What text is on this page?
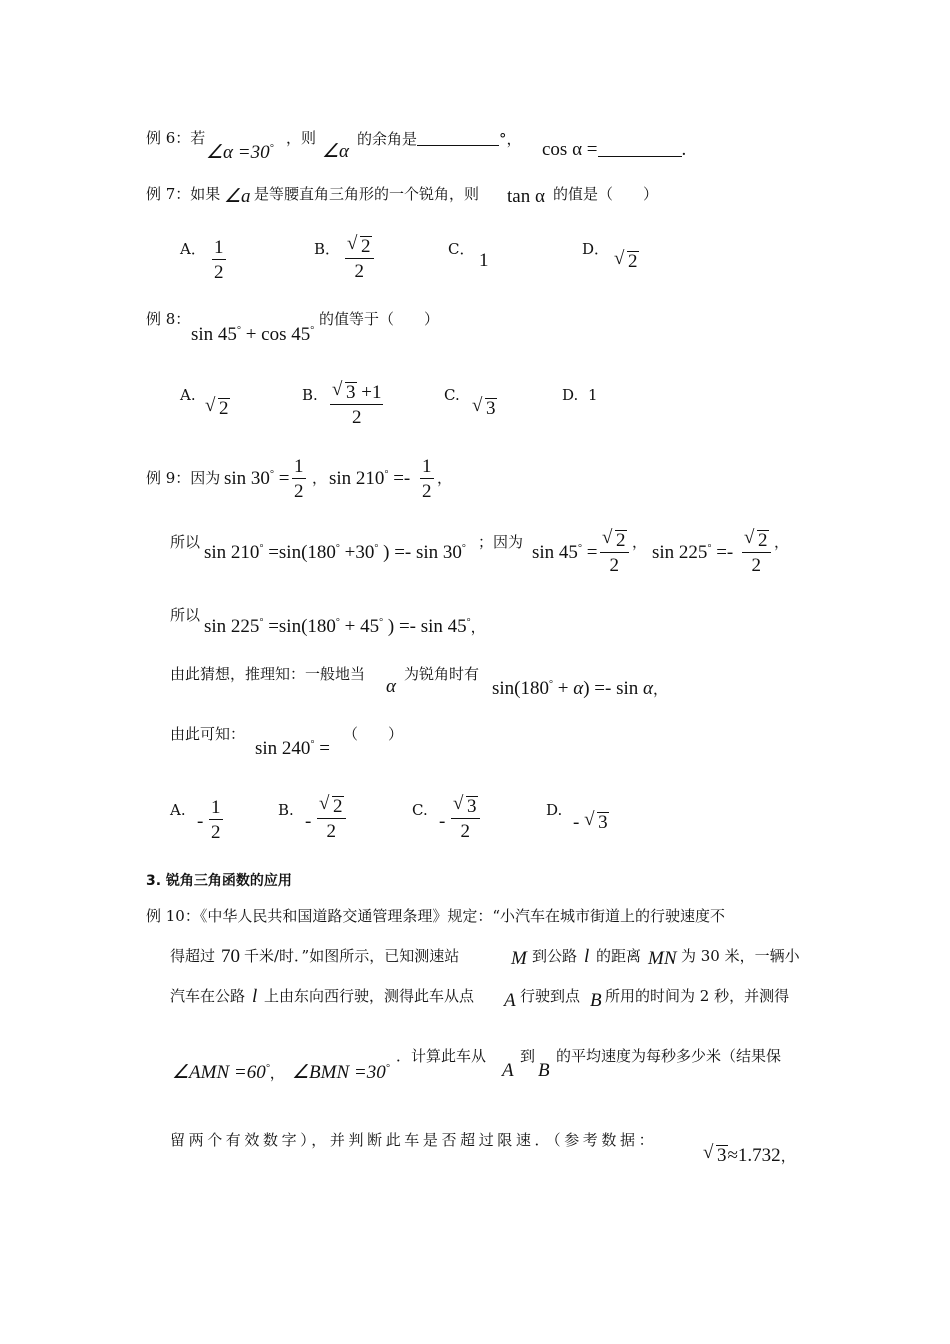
例 6：若
∠α =30°
，则
∠α
的余角是	°， cos α =	.
例 7：如果 ∠a 是等腰直角三角形的一个锐角，则 tan α 的值是（　　）
A． $\frac{1}{2}$	B． √ $\frac{2}{2}$	C．
1
D．
√ 2
例 8：
sin 45° + cos 45°
的值等于（　　）
A.
√ 2
B. √ $\frac{3 +1}{2}$	C.
√ 3
D. 1
例 9：因为 $\sin 30^\circ = \frac{1}{2}$ ， $\sin 210^\circ =- \frac{1}{2}$ ，
所以 sin 210° =sin(180° +30° ) =- sin 30° ；因为 sin 45° = √ $\frac{2}{2}$ ， sin 225° =- √ $\frac{2}{2}$ ，
所以
sin 225° =sin(180° + 45° ) =- sin 45°，
由此猜想，推理知：一般地当
α
为锐角时有
sin(180° + α) =- sin α，
由此可知：
sin 240° =
（　　）
A.
- $\frac{1}{2}$	B.
- √ $\frac{2}{2}$	C.
- √ $\frac{3}{2}$	D.
- √ 3
3. 锐角三角函数的应用
例 10：《中华人民共和国道路交通管理条理》规定：“小汽车在城市街道上的行驶速度不
得超过 70 千米/时．”如图所示，已知测速站	M 到公路 l 的距离 MN 为 30 米，一辆小
汽车在公路 l 上由东向西行驶，测得此车从点 A 行驶到点 B 所用的时间为 2 秒，并测得
∠AMN =60°， ∠BMN =30°
．计算此车从
A
到
B
的平均速度为每秒多少米（结果保
留两个有效数字），并判断此车是否超过限速．（参考数据：
√ 3≈1.732，
